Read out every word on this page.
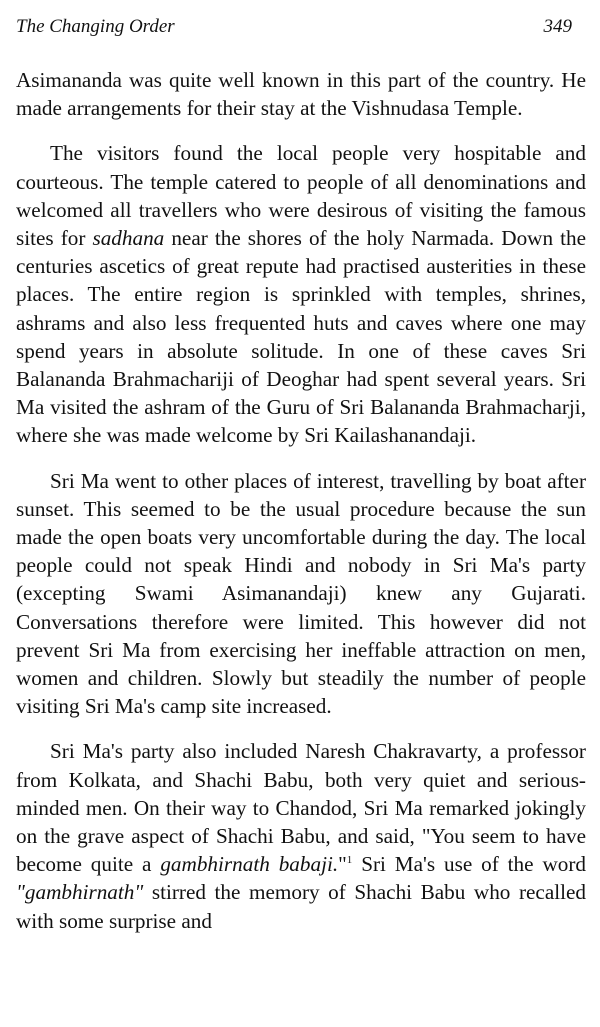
The Changing Order	349

Asimananda was quite well known in this part of the country. He made arrangements for their stay at the Vishnudasa Temple.

The visitors found the local people very hospitable and courteous. The temple catered to people of all denominations and welcomed all travellers who were desirous of visiting the famous sites for sadhana near the shores of the holy Narmada. Down the centuries ascetics of great repute had practised austerities in these places. The entire region is sprinkled with temples, shrines, ashrams and also less frequented huts and caves where one may spend years in absolute solitude. In one of these caves Sri Balananda Brahmachariji of Deoghar had spent several years. Sri Ma visited the ashram of the Guru of Sri Balananda Brahmacharji, where she was made welcome by Sri Kailashanandaji.

Sri Ma went to other places of interest, travelling by boat after sunset. This seemed to be the usual procedure because the sun made the open boats very uncomfortable during the day. The local people could not speak Hindi and nobody in Sri Ma's party (excepting Swami Asimanandaji) knew any Gujarati. Conversations therefore were limited. This however did not prevent Sri Ma from exercising her ineffable attraction on men, women and children. Slowly but steadily the number of people visiting Sri Ma's camp site increased.

Sri Ma's party also included Naresh Chakravarty, a professor from Kolkata, and Shachi Babu, both very quiet and serious-minded men. On their way to Chandod, Sri Ma remarked jokingly on the grave aspect of Shachi Babu, and said, "You seem to have become quite a gambhirnath babaji."$^1$ Sri Ma's use of the word "gambhirnath" stirred the memory of Shachi Babu who recalled with some surprise and
